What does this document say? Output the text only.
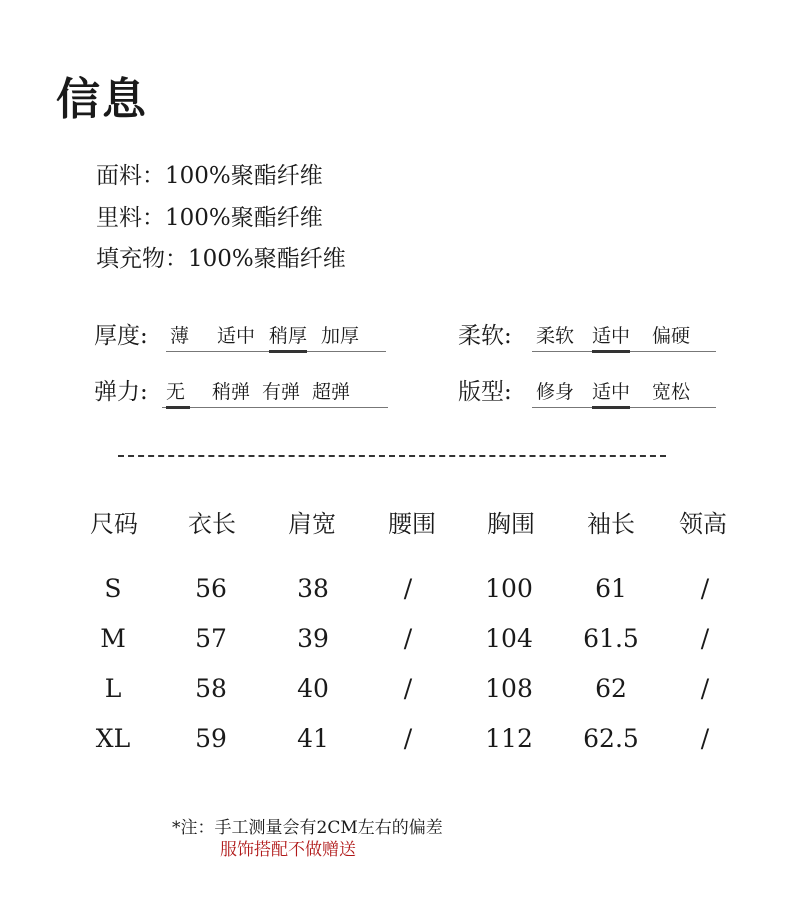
信息
面料：100%聚酯纤维
里料：100%聚酯纤维
填充物：100%聚酯纤维
厚度: 薄 适中 稍厚 加厚	柔软: 柔软 适中 偏硬
弹力: 无	稍弹 有弹 超弹	版型: 修身 适中 宽松
尺码	衣长	肩宽	腰围	胸围	袖长	领高
S	56	38	/	100	61	/
M	57	39	/	104	61.5	/
L	58	40	/	108	62	/
XL	59	41	/	112	62.5	/
*注：手工测量会有2CM左右的偏差
服饰搭配不做赠送
